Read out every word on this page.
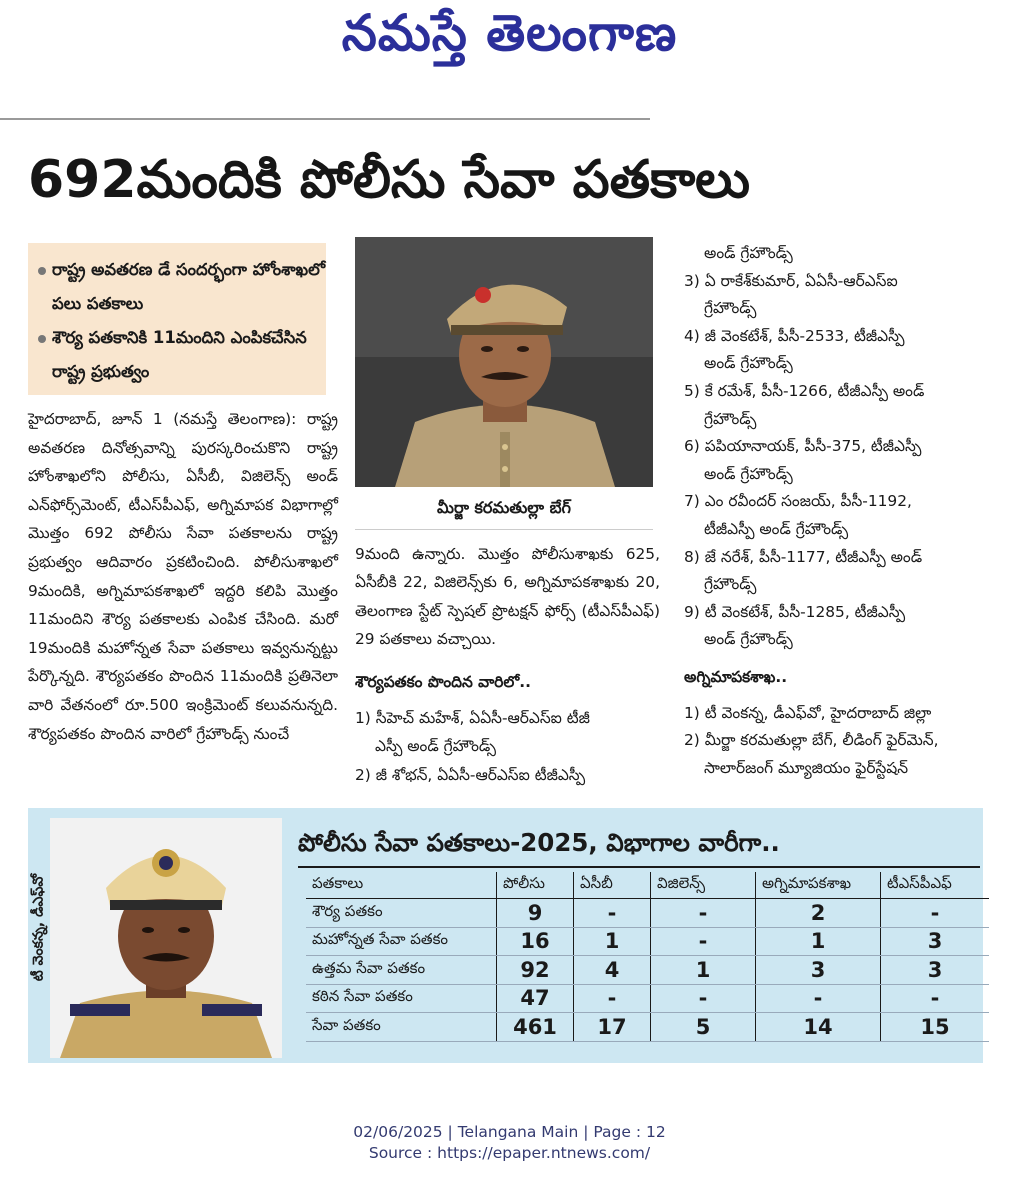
నమస్తే తెలంగాణ
692మందికి పోలీసు సేవా పతకాలు
రాష్ట్ర అవతరణ డే సందర్భంగా హోంశాఖలో పలు పతకాలు
శౌర్య పతకానికి 11మందిని ఎంపికచేసిన రాష్ట్ర ప్రభుత్వం
హైదరాబాద్, జూన్ 1 (నమస్తే తెలంగాణ): రాష్ట్ర అవతరణ దినోత్సవాన్ని పురస్కరించుకొని రాష్ట్ర హోంశాఖలోని పోలీసు, ఏసీబీ, విజిలెన్స్ అండ్ ఎన్‌ఫోర్స్‌మెంట్, టీఎస్‌పీఎఫ్, అగ్నిమాపక విభాగాల్లో మొత్తం 692 పోలీసు సేవా పతకాలను రాష్ట్ర ప్రభుత్వం ఆదివారం ప్రకటించింది. పోలీసుశాఖలో 9మందికి, అగ్నిమాపకశాఖలో ఇద్దరి కలిపి మొత్తం 11మందిని శౌర్య పతకాలకు ఎంపిక చేసింది. మరో 19మందికి మహోన్నత సేవా పతకాలు ఇవ్వనున్నట్టు పేర్కొన్నది. శౌర్యపతకం పొందిన 11మందికి ప్రతినెలా వారి వేతనంలో రూ.500 ఇంక్రిమెంట్ కలువనున్నది. శౌర్యపతకం పొందిన వారిలో గ్రేహౌండ్స్ నుంచే
మీర్జా కరమతుల్లా బేగ్
9మంది ఉన్నారు. మొత్తం పోలీసుశాఖకు 625, ఏసీబీకి 22, విజిలెన్స్‌కు 6, అగ్నిమాపకశాఖకు 20, తెలంగాణ స్టేట్ స్పెషల్ ప్రొటక్షన్ ఫోర్స్ (టీఎస్‌పీఎఫ్) 29 పతకాలు వచ్చాయి.
శౌర్యపతకం పొందిన వారిలో..
1) సీహెచ్ మహేశ్, ఏఏసీ-ఆర్ఎస్ఐ టీజీ
ఎస్పీ అండ్ గ్రేహౌండ్స్
2) జీ శోభన్, ఏఏసీ-ఆర్ఎస్ఐ టీజీఎస్పీ
అండ్ గ్రేహౌండ్స్
3) ఏ రాకేశ్‌కుమార్, ఏఏసీ-ఆర్ఎస్ఐ
గ్రేహౌండ్స్
4) జీ వెంకటేశ్, పీసీ-2533, టీజీఎస్పీ
అండ్ గ్రేహౌండ్స్
5) కే రమేశ్, పీసీ-1266, టీజీఎస్పీ అండ్
గ్రేహౌండ్స్
6) పపియానాయక్, పీసీ-375, టీజీఎస్పీ
అండ్ గ్రేహౌండ్స్
7) ఎం రవీందర్ సంజయ్, పీసీ-1192,
టీజీఎస్పీ అండ్ గ్రేహౌండ్స్
8) జే నరేశ్, పీసీ-1177, టీజీఎస్పీ అండ్
గ్రేహౌండ్స్
9) టీ వెంకటేశ్, పీసీ-1285, టీజీఎస్పీ
అండ్ గ్రేహౌండ్స్
అగ్నిమాపకశాఖ..
1) టీ వెంకన్న, డీఎఫ్‌వో, హైదరాబాద్ జిల్లా
2) మీర్జా కరమతుల్లా బేగ్, లీడింగ్ ఫైర్‌మెన్,
సాలార్‌జంగ్ మ్యూజియం ఫైర్‌స్టేషన్
టీ వెంకన్న, డీఎఫ్‌వో
పోలీసు సేవా పతకాలు-2025, విభాగాల వారీగా..
పతకాలు	పోలీసు	ఏసీబీ	విజిలెన్స్	అగ్నిమాపకశాఖ	టీఎస్‌పీఎఫ్
శౌర్య పతకం	9	-	-	2	-
మహోన్నత సేవా పతకం	16	1	-	1	3
ఉత్తమ సేవా పతకం	92	4	1	3	3
కఠిన సేవా పతకం	47	-	-	-	-
సేవా పతకం	461	17	5	14	15
02/06/2025 | Telangana Main | Page : 12
Source : https://epaper.ntnews.com/
